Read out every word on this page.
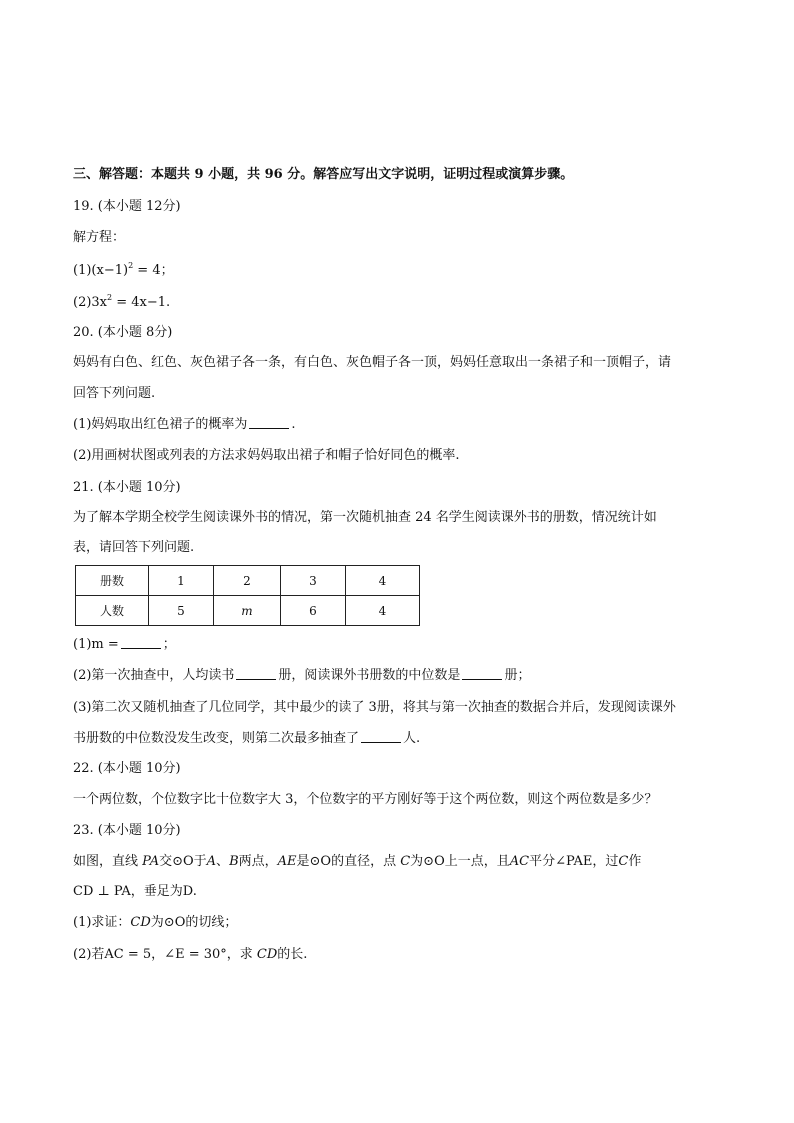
三、解答题：本题共 9 小题，共 96 分。解答应写出文字说明，证明过程或演算步骤。
19. (本小题 12分)
解方程：
$(1)(x-1)^2 = 4$；
$(2)3x^2 = 4x-1$.
20. (本小题 8分)
妈妈有白色、红色、灰色裙子各一条，有白色、灰色帽子各一顶，妈妈任意取出一条裙子和一顶帽子，请
回答下列问题.
(1)妈妈取出红色裙子的概率为	.
(2)用画树状图或列表的方法求妈妈取出裙子和帽子恰好同色的概率.
21. (本小题 10分)
为了解本学期全校学生阅读课外书的情况，第一次随机抽查 24 名学生阅读课外书的册数，情况统计如
表，请回答下列问题.
册数	1	2	3	4
人数	5	m	6	4
(1)m =	；
(2)第一次抽查中，人均读书	册，阅读课外书册数的中位数是	册；
(3)第二次又随机抽查了几位同学，其中最少的读了 3册，将其与第一次抽查的数据合并后，发现阅读课外
书册数的中位数没发生改变，则第二次最多抽查了	人.
22. (本小题 10分)
一个两位数，个位数字比十位数字大 3，个位数字的平方刚好等于这个两位数，则这个两位数是多少？
23. (本小题 10分)
如图，直线 PA交⊙O于A、B两点，AE是⊙O的直径，点 C为⊙O上一点，且AC平分∠PAE，过C作
CD ⊥ PA，垂足为D.
(1)求证：CD为⊙O的切线；
(2)若AC = 5，∠E = 30°，求 CD的长.
